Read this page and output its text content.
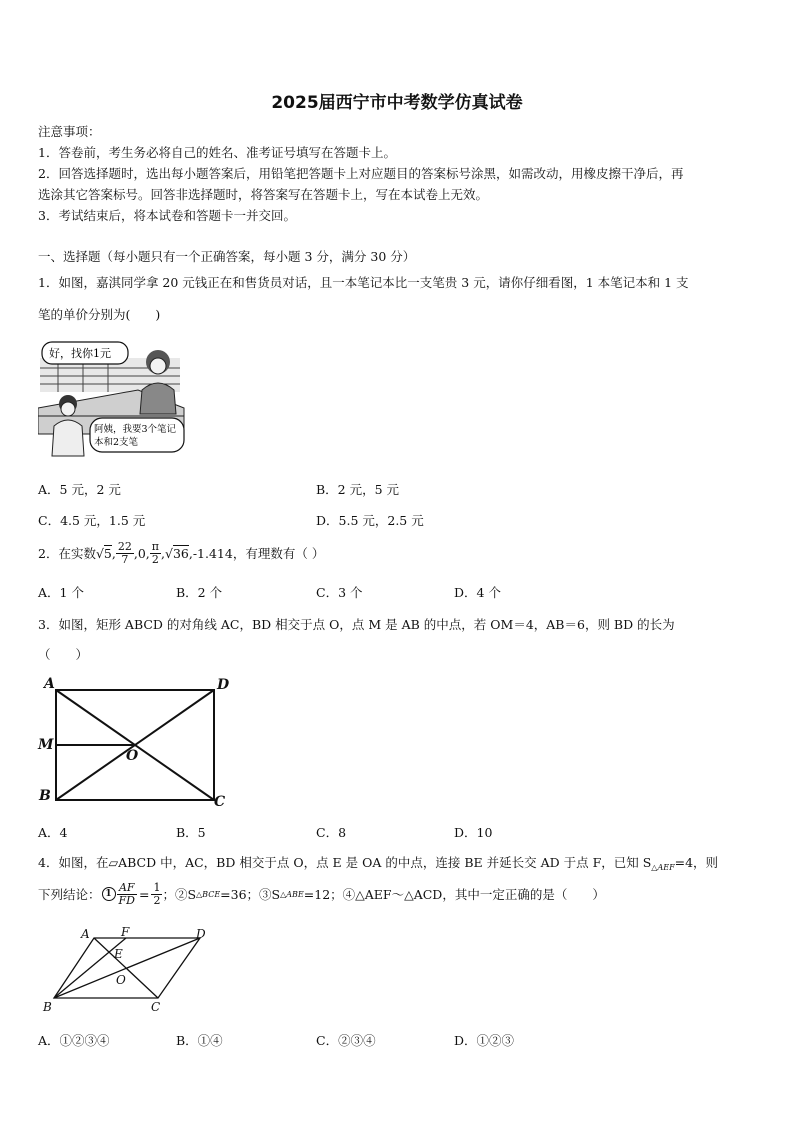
2025届西宁市中考数学仿真试卷
注意事项：
1．答卷前，考生务必将自己的姓名、准考证号填写在答题卡上。
2．回答选择题时，选出每小题答案后，用铅笔把答题卡上对应题目的答案标号涂黑，如需改动，用橡皮擦干净后，再
选涂其它答案标号。回答非选择题时，将答案写在答题卡上，写在本试卷上无效。
3．考试结束后，将本试卷和答题卡一并交回。
一、选择题（每小题只有一个正确答案，每小题 3 分，满分 30 分）
1．如图，嘉淇同学拿 20 元钱正在和售货员对话，且一本笔记本比一支笔贵 3 元，请你仔细看图，1 本笔记本和 1 支
笔的单价分别为(　　)
好，找你1元
阿姨，我要3个笔记
本和2支笔
A．5 元，2 元	B．2 元，5 元
C．4.5 元，1.5 元	D．5.5 元，2.5 元
2．在实数 √5, $\frac{22}{7} ,0$, $\frac{\pi}{2} ,√36$ ,-1.414 ，有理数有（ ）
A．1 个	B．2 个	C．3 个	D．4 个
3．如图，矩形 ABCD 的对角线 AC，BD 相交于点 O，点 M 是 AB 的中点，若 OM＝4，AB＝6，则 BD 的长为
（　　）
A	D
M
O
B	C
A．4	B．5	C．8	D．10
4．如图，在▱ABCD 中，AC，BD 相交于点 O，点 E 是 OA 的中点，连接 BE 并延长交 AD 于点 F，已知 $S_{\triangle AEF}=4$，则
下列结论： $1 \frac{AF}{FD} = \frac{1}{2}$ ；②S △BCE =36；③S △ABE =12；④△AEF～△ACD，其中一定正确的是（　　）
A	F	D
E
O
B	C
A．①②③④	B．①④	C．②③④	D．①②③
